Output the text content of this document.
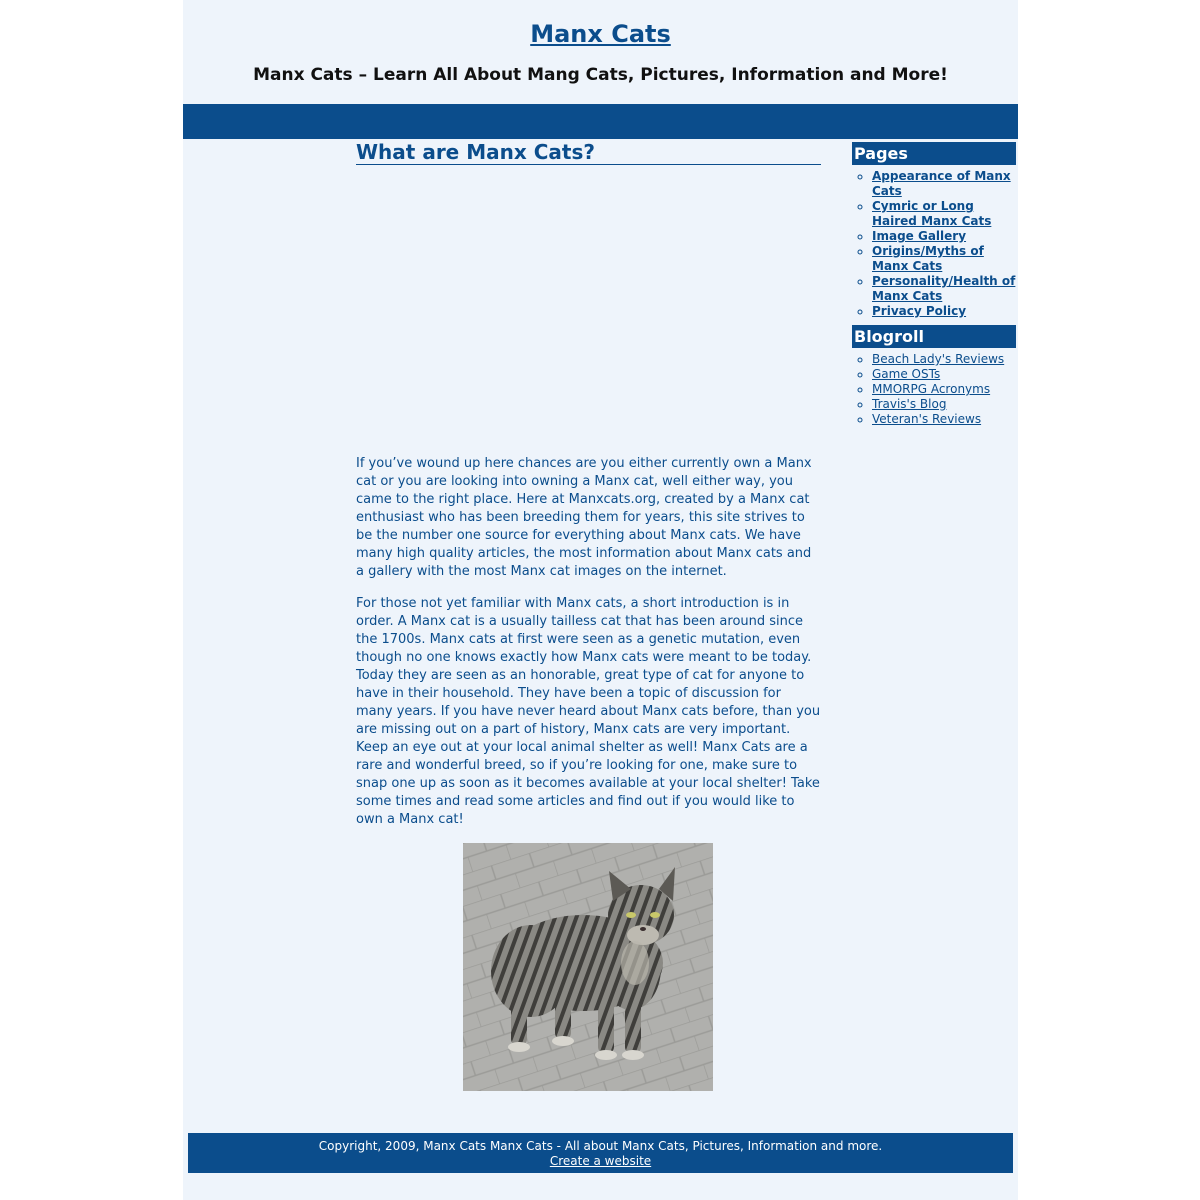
Manx Cats
Manx Cats – Learn All About Mang Cats, Pictures, Information and More!
What are Manx Cats?

If you’ve wound up here chances are you either currently own a Manx cat or you are looking into owning a Manx cat, well either way, you came to the right place. Here at Manxcats.org, created by a Manx cat enthusiast who has been breeding them for years, this site strives to be the number one source for everything about Manx cats. We have many high quality articles, the most information about Manx cats and a gallery with the most Manx cat images on the internet.

For those not yet familiar with Manx cats, a short introduction is in order. A Manx cat is a usually tailless cat that has been around since the 1700s. Manx cats at first were seen as a genetic mutation, even though no one knows exactly how Manx cats were meant to be today. Today they are seen as an honorable, great type of cat for anyone to have in their household. They have been a topic of discussion for many years. If you have never heard about Manx cats before, than you are missing out on a part of history, Manx cats are very important. Keep an eye out at your local animal shelter as well! Manx Cats are a rare and wonderful breed, so if you’re looking for one, make sure to snap one up as soon as it becomes available at your local shelter! Take some times and read some articles and find out if you would like to own a Manx cat!

Pages
◦ Appearance of Manx Cats
◦ Cymric or Long Haired Manx Cats
◦ Image Gallery
◦ Origins/Myths of Manx Cats
◦ Personality/Health of Manx Cats
◦ Privacy Policy
Blogroll
◦ Beach Lady's Reviews
◦ Game OSTs
◦ MMORPG Acronyms
◦ Travis's Blog
◦ Veteran's Reviews
Copyright, 2009, Manx Cats Manx Cats - All about Manx Cats, Pictures, Information and more.
Create a website
